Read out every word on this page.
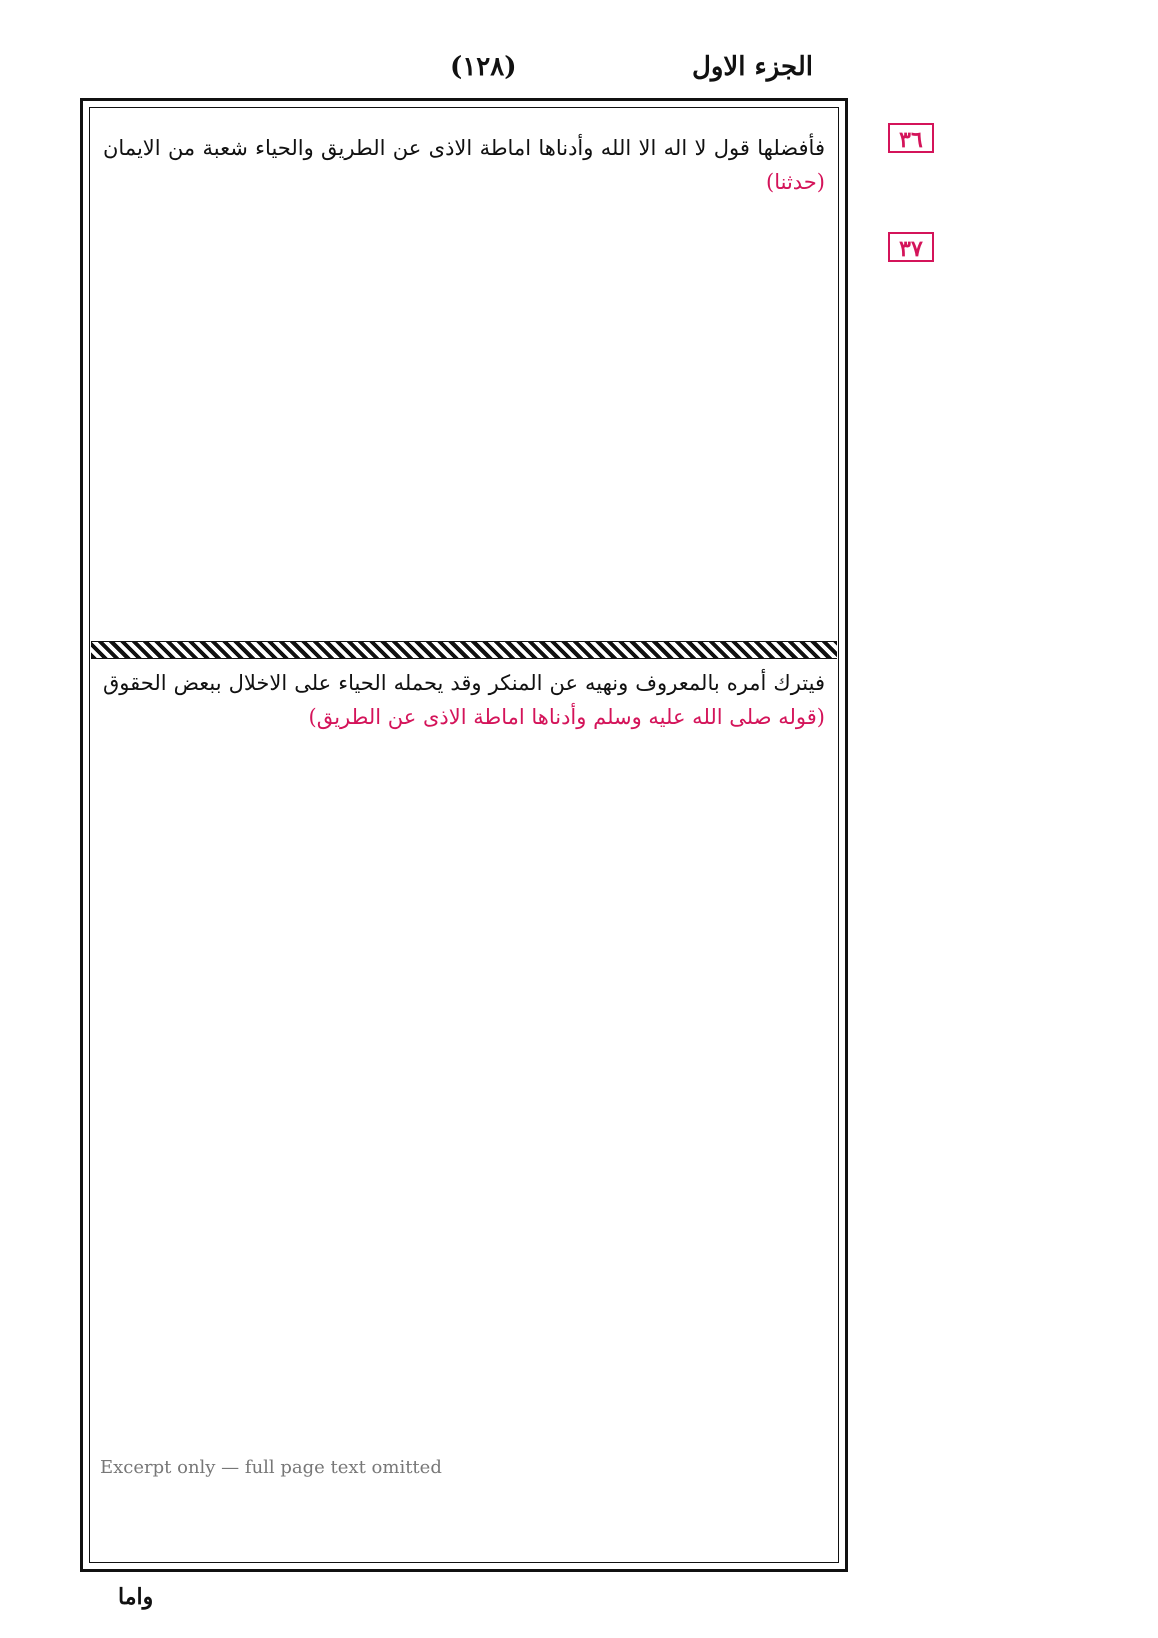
الجزء الاول
(١٢٨)
٣٦
٣٧
فأفضلها قول لا اله الا الله وأدناها اماطة الاذى عن الطريق والحياء شعبة من الايمان (حدثنا)
فيترك أمره بالمعروف ونهيه عن المنكر وقد يحمله الحياء على الاخلال ببعض الحقوق (قوله صلى الله عليه وسلم وأدناها اماطة الاذى عن الطريق)
Excerpt only — full page text omitted
واما
